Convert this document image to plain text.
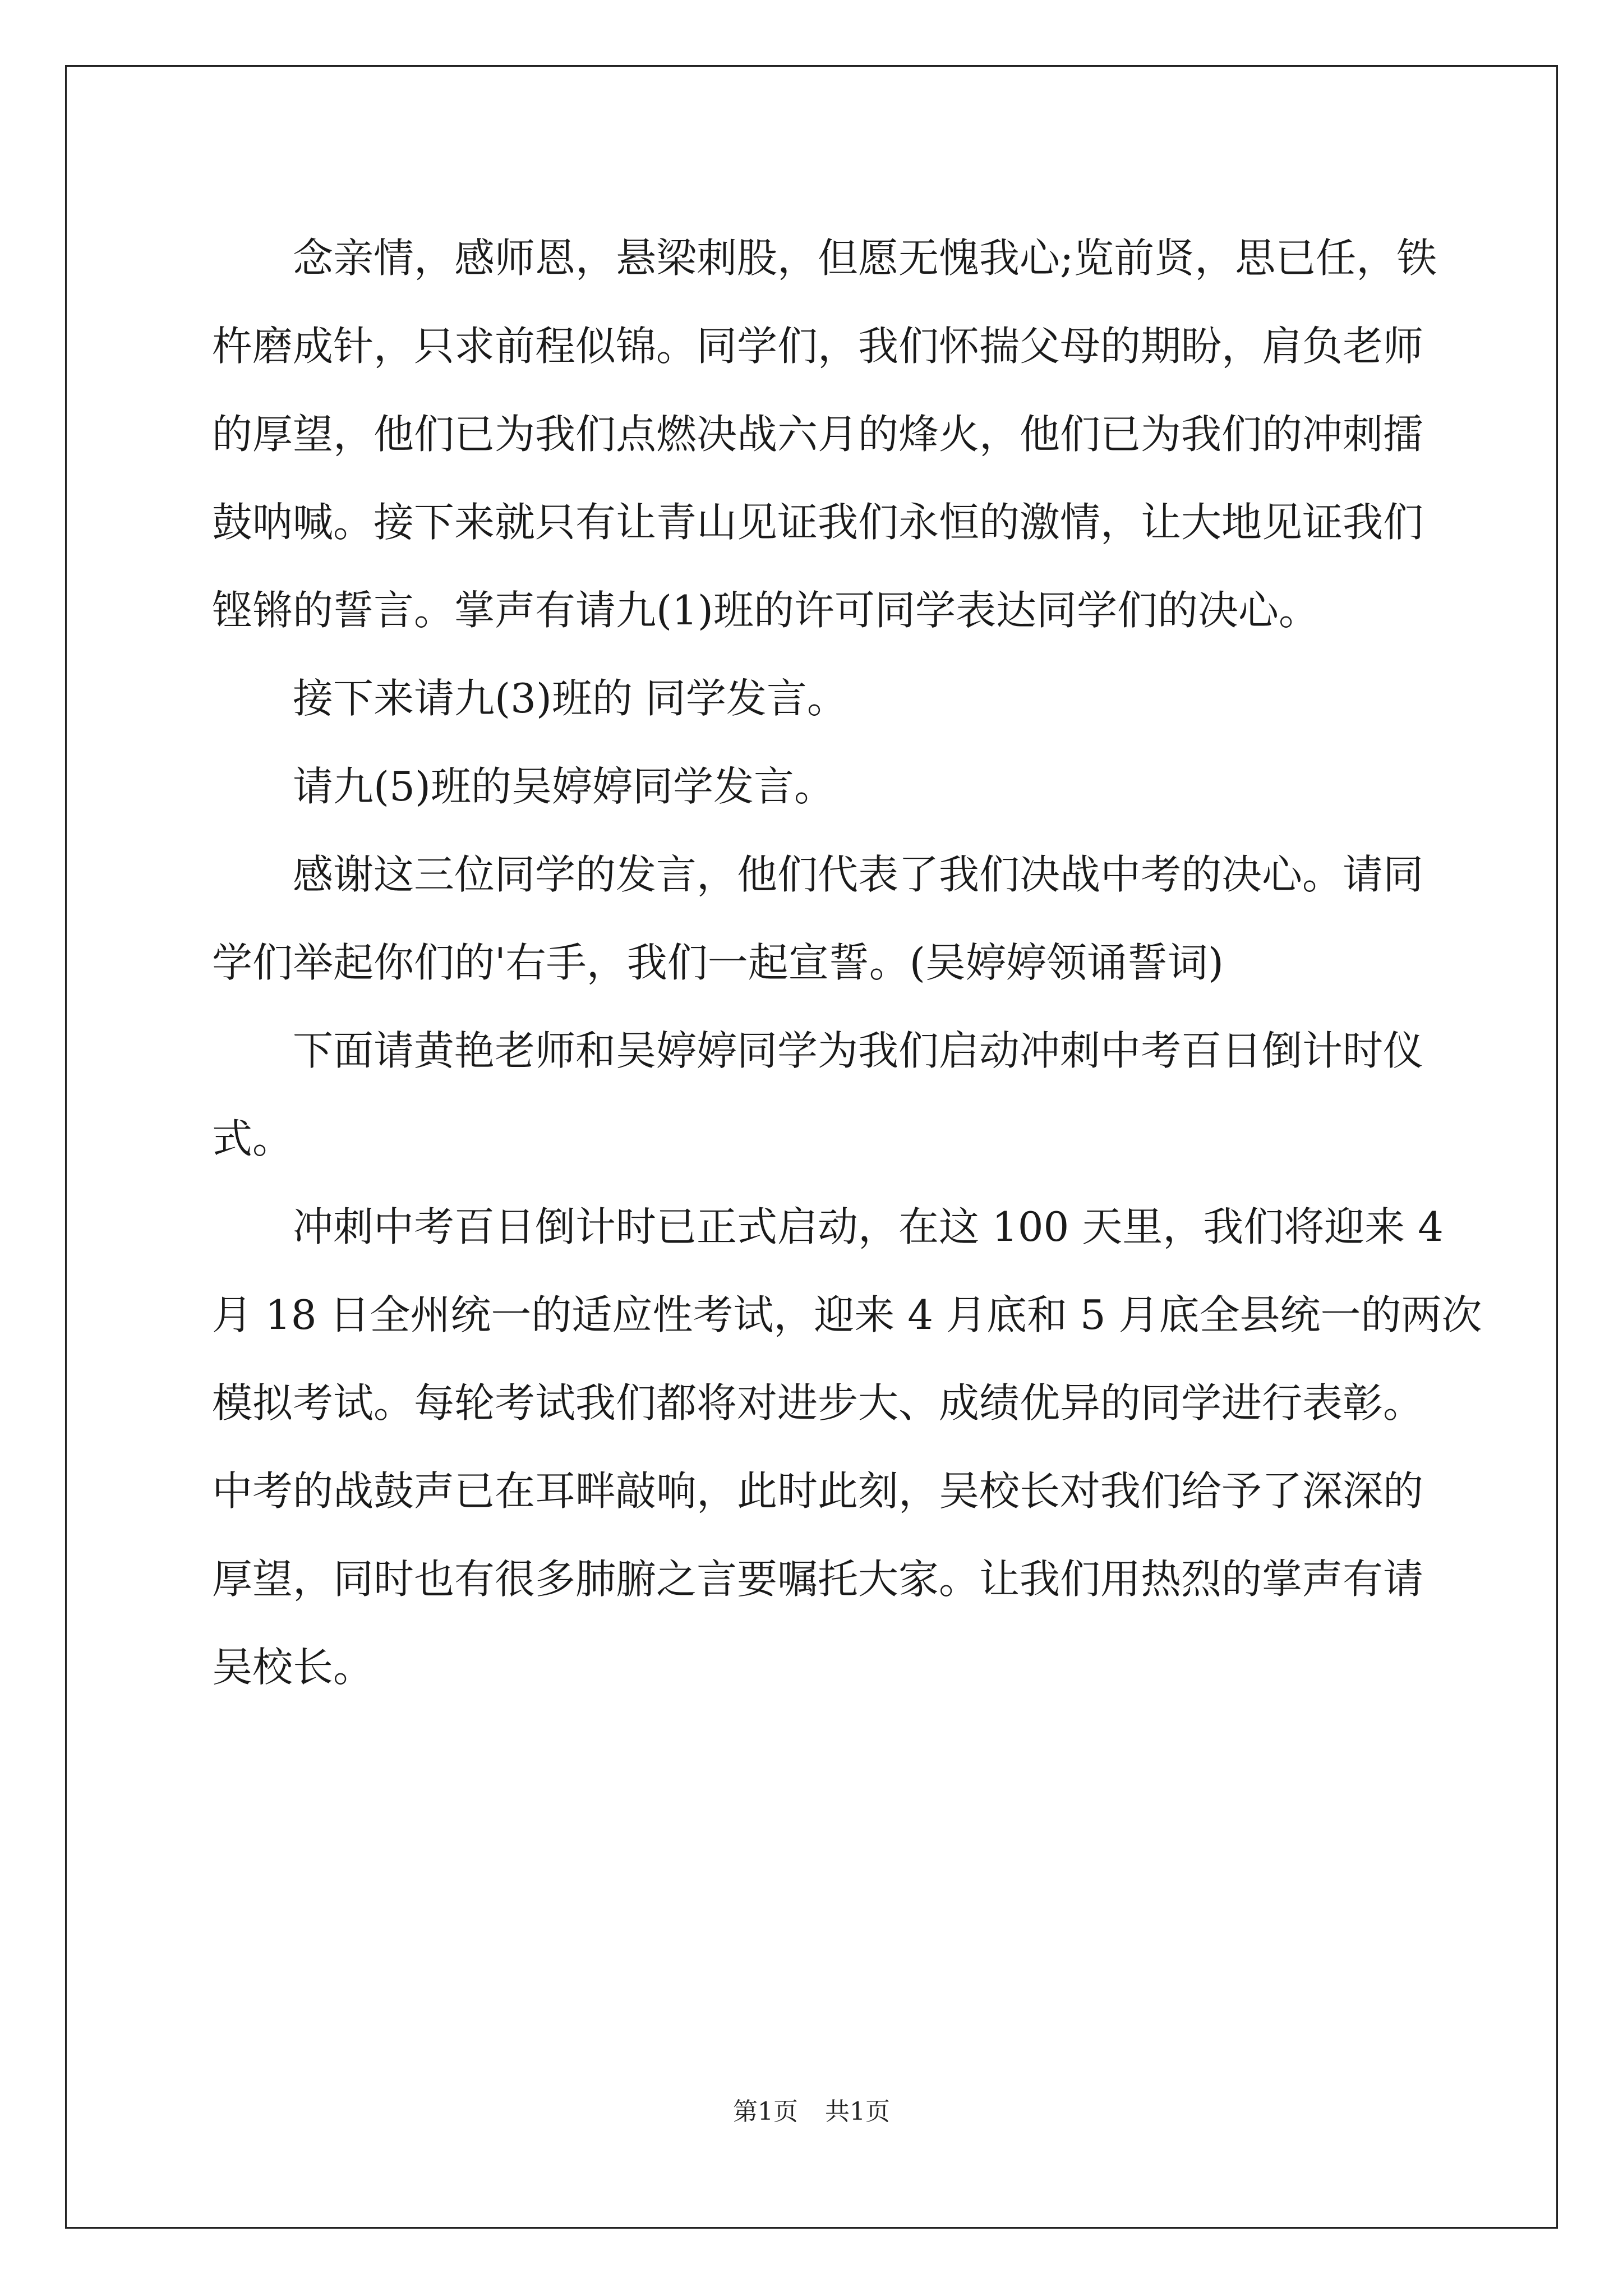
念亲情，感师恩，悬梁刺股，但愿无愧我心;览前贤，思已任，铁
杵磨成针，只求前程似锦。同学们，我们怀揣父母的期盼，肩负老师
的厚望，他们已为我们点燃决战六月的烽火，他们已为我们的冲刺擂
鼓呐喊。接下来就只有让青山见证我们永恒的激情，让大地见证我们
铿锵的誓言。掌声有请九(1)班的许可同学表达同学们的决心。
接下来请九(3)班的 同学发言。
请九(5)班的吴婷婷同学发言。
感谢这三位同学的发言，他们代表了我们决战中考的决心。请同
学们举起你们的'右手，我们一起宣誓。(吴婷婷领诵誓词)
下面请黄艳老师和吴婷婷同学为我们启动冲刺中考百日倒计时仪
式。
冲刺中考百日倒计时已正式启动，在这 100 天里，我们将迎来 4
月 18 日全州统一的适应性考试，迎来 4 月底和 5 月底全县统一的两次
模拟考试。每轮考试我们都将对进步大、成绩优异的同学进行表彰。
中考的战鼓声已在耳畔敲响，此时此刻，吴校长对我们给予了深深的
厚望，同时也有很多肺腑之言要嘱托大家。让我们用热烈的掌声有请
吴校长。
第1页 共1页
